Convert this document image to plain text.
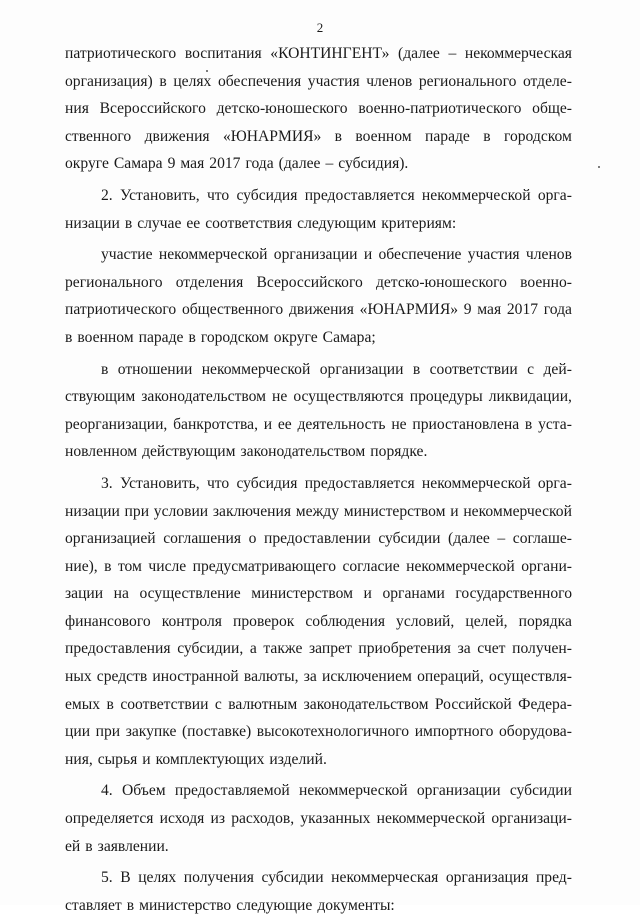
2
патриотического воспитания «КОНТИНГЕНТ» (далее – некоммерческая
организация) в целях обеспечения участия членов регионального отделе-
ния Всероссийского детско-юношеского военно-патриотического обще-
ственного движения «ЮНАРМИЯ» в военном параде в городском
округе Самара 9 мая 2017 года (далее – субсидия).
2. Установить, что субсидия предоставляется некоммерческой орга-
низации в случае ее соответствия следующим критериям:
участие некоммерческой организации и обеспечение участия членов
регионального отделения Всероссийского детско-юношеского военно-
патриотического общественного движения «ЮНАРМИЯ» 9 мая 2017 года
в военном параде в городском округе Самара;
в отношении некоммерческой организации в соответствии с дей-
ствующим законодательством не осуществляются процедуры ликвидации,
реорганизации, банкротства, и ее деятельность не приостановлена в уста-
новленном действующим законодательством порядке.
3. Установить, что субсидия предоставляется некоммерческой орга-
низации при условии заключения между министерством и некоммерческой
организацией соглашения о предоставлении субсидии (далее – соглаше-
ние), в том числе предусматривающего согласие некоммерческой органи-
зации на осуществление министерством и органами государственного
финансового контроля проверок соблюдения условий, целей, порядка
предоставления субсидии, а также запрет приобретения за счет получен-
ных средств иностранной валюты, за исключением операций, осуществля-
емых в соответствии с валютным законодательством Российской Федера-
ции при закупке (поставке) высокотехнологичного импортного оборудова-
ния, сырья и комплектующих изделий.
4. Объем предоставляемой некоммерческой организации субсидии
определяется исходя из расходов, указанных некоммерческой организаци-
ей в заявлении.
5. В целях получения субсидии некоммерческая организация пред-
ставляет в министерство следующие документы:
